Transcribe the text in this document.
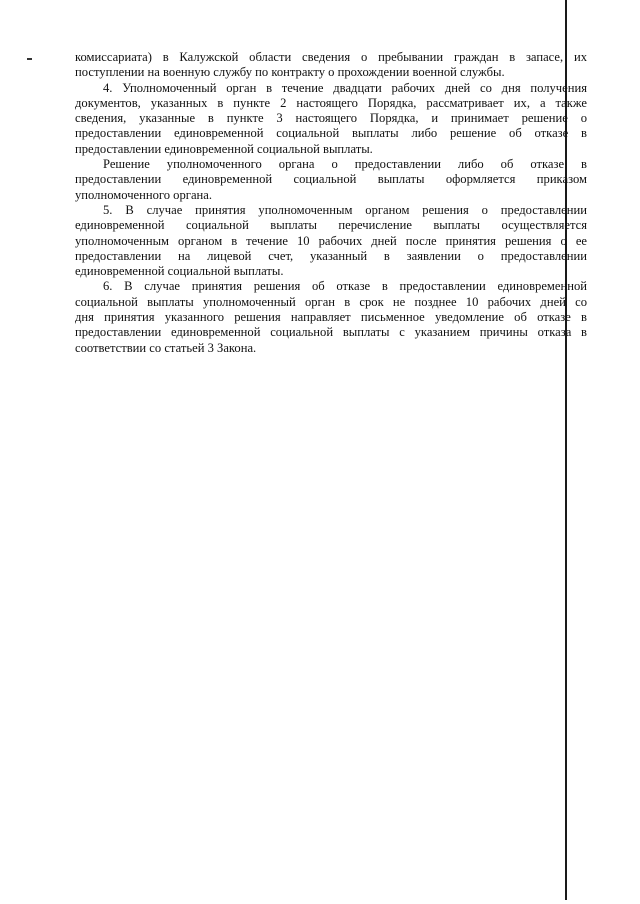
комиссариата) в Калужской области сведения о пребывании граждан в запасе, их
поступлении на военную службу по контракту о прохождении военной службы.

4. Уполномоченный орган в течение двадцати рабочих дней со дня получения
документов, указанных в пункте 2 настоящего Порядка, рассматривает их, а также
сведения, указанные в пункте 3 настоящего Порядка, и принимает решение о
предоставлении единовременной социальной выплаты либо решение об отказе в
предоставлении единовременной социальной выплаты.

Решение уполномоченного органа о предоставлении либо об отказе в
предоставлении единовременной социальной выплаты оформляется приказом
уполномоченного органа.

5. В случае принятия уполномоченным органом решения о предоставлении
единовременной социальной выплаты перечисление выплаты осуществляется
уполномоченным органом в течение 10 рабочих дней после принятия решения о ее
предоставлении на лицевой счет, указанный в заявлении о предоставлении
единовременной социальной выплаты.

6. В случае принятия решения об отказе в предоставлении единовременной
социальной выплаты уполномоченный орган в срок не позднее 10 рабочих дней со
дня принятия указанного решения направляет письменное уведомление об отказе в
предоставлении единовременной социальной выплаты с указанием причины отказа в
соответствии со статьей 3 Закона.
